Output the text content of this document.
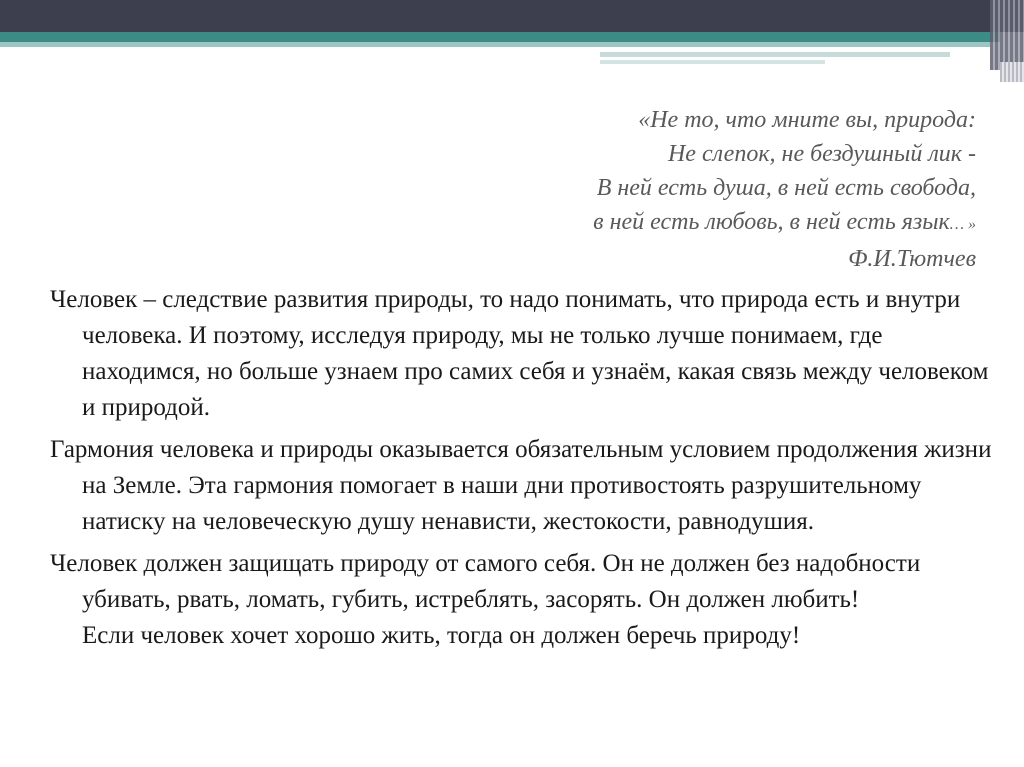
«Не то, что мните вы, природа:
Не слепок, не бездушный лик -
В ней есть душа, в ней есть свобода,
в ней есть любовь, в ней есть язык… »
Ф.И.Тютчев

Человек – следствие развития природы, то надо понимать, что природа есть и внутри человека. И поэтому, исследуя природу, мы не только лучше понимаем, где находимся, но больше узнаем про самих себя и узнаём, какая связь между человеком и природой.

Гармония человека и природы оказывается обязательным условием продолжения жизни на Земле. Эта гармония помогает в наши дни противостоять разрушительному натиску на человеческую душу ненависти, жестокости, равнодушия.

Человек должен защищать природу от самого себя. Он не должен без надобности убивать, рвать, ломать, губить, истреблять, засорять. Он должен любить!
Если человек хочет хорошо жить, тогда он должен беречь природу!
